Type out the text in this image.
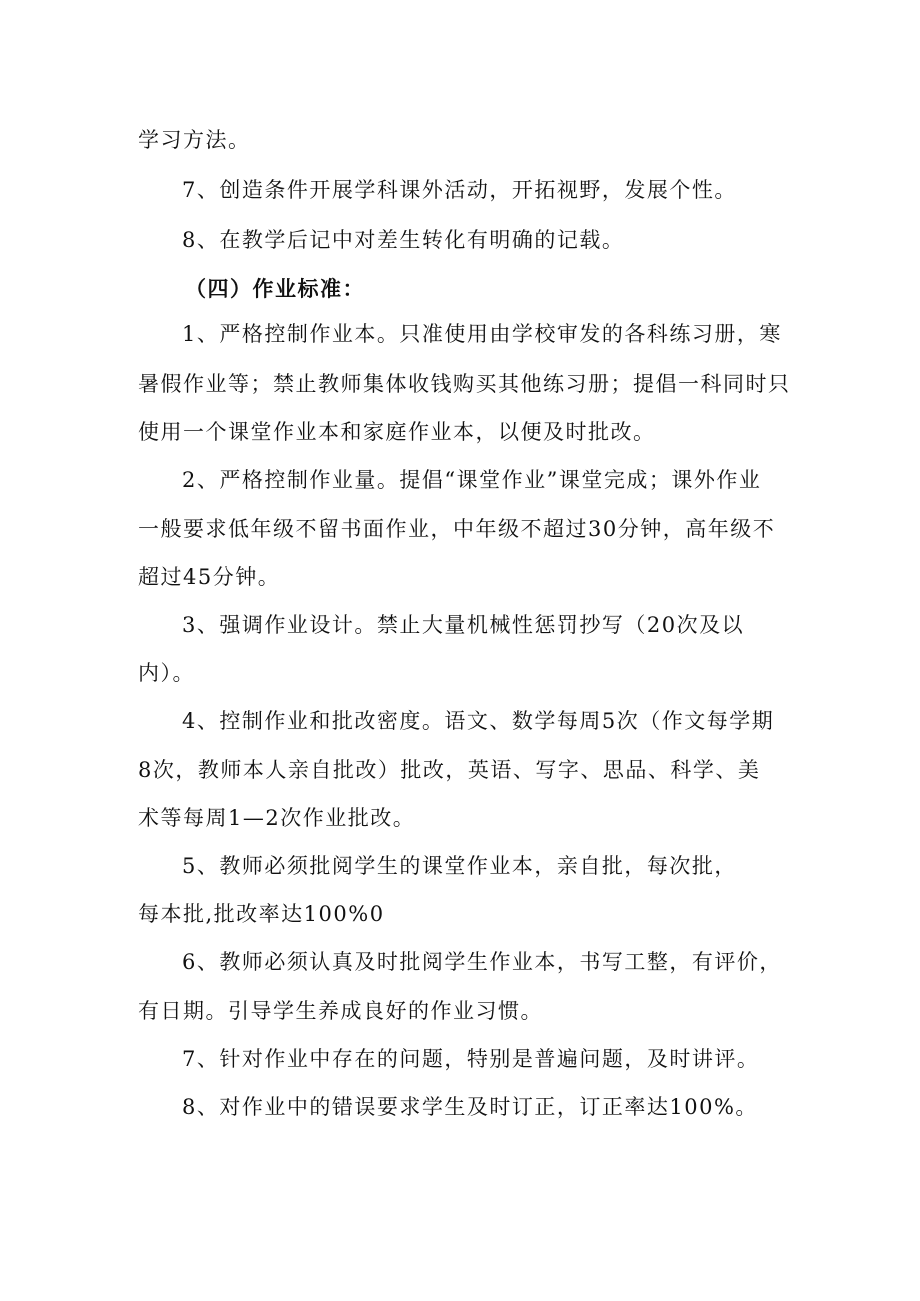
学习方法。
7、创造条件开展学科课外活动，开拓视野，发展个性。
8、在教学后记中对差生转化有明确的记载。
（四）作业标准：
1、严格控制作业本。只准使用由学校审发的各科练习册，寒
暑假作业等；禁止教师集体收钱购买其他练习册；提倡一科同时只
使用一个课堂作业本和家庭作业本，以便及时批改。
2、严格控制作业量。提倡“课堂作业”课堂完成；课外作业
一般要求低年级不留书面作业，中年级不超过30分钟，高年级不
超过45分钟。
3、强调作业设计。禁止大量机械性惩罚抄写（20次及以
内）。
4、控制作业和批改密度。语文、数学每周5次（作文每学期
8次，教师本人亲自批改）批改，英语、写字、思品、科学、美
术等每周1—2次作业批改。
5、教师必须批阅学生的课堂作业本，亲自批，每次批，
每本批,批改率达100%0
6、教师必须认真及时批阅学生作业本，书写工整，有评价，
有日期。引导学生养成良好的作业习惯。
7、针对作业中存在的问题，特别是普遍问题，及时讲评。
8、对作业中的错误要求学生及时订正，订正率达100%。
